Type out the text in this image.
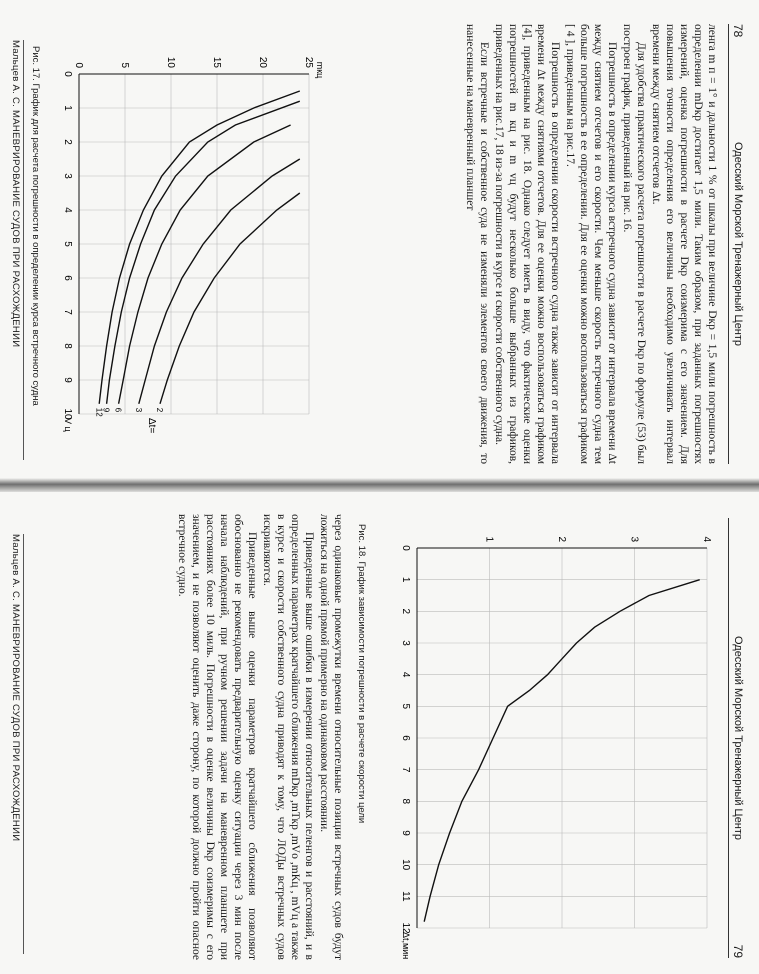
78
Одесский Морской Тренажерный Центр

ленга m п = 1° и дальности 1 % от шкалы при величине Dкр = 1,5 мили погрешность в определении mDкр достигает 1,5 мили. Таким образом, при заданных погрешностях измерений, оценка погрешности в расчете Dкр соизмерима с его значением. Для повышения точности определения его величины необходимо увеличивать интервал времени между снятием отсчетов Δt.

Для удобства практического расчета погрешности в расчете Dкр по формуле (53) был построен график, приведенный на рис. 16.

Погрешность в определении курса встречного судна зависит от интервала времени Δt между снятием отсчетов и его скорости. Чем меньше скорость встречного судна тем больше погрешность в ее определении. Для ее оценки можно воспользоваться графиком [ 4 ], приведенным на рис.17.

Погрешность в определении скорости встречного судна также зависит от интервала времени Δt между снятиями отсчетов. Для ее оценки можно воспользоваться графиком [4], приведенным на рис. 18. Однако следует иметь в виду, что фактические оценки погрешностей m кц и m vц будут несколько больше выбранных из графиков, приведенных на рис.17, 18 из-за погрешности в курсе и скорости собственного судна.

Если встречные и собственное суда не изменяли элементов своего движения, то нанесенные на маневренный планшет

0
1
2
3
4
5
6
7
8
9
10
0	5	10	15	20	25
12
9 6 3 2
mкц
V ц	Δt=
Рис. 17. График для расчета погрешности в определении курса встречного судна
Мальцев А. С. МАНЕВРИРОВАНИЕ СУДОВ ПРИ РАСХОЖДЕНИИ
79
Одесский Морской Тренажерный Центр
0
1
2
3
4
5
6
7
8
9
10
11
12
1	2	3	4
Δt,мин
Рис. 18. График зависимости погрешности в расчете скорости цели

через одинаковые промежутки времени относительные позиции встречных судов будут ложиться на одной прямой примерно на одинаковом расстоянии.

Приведенные выше ошибки в измерении относительных пеленгов и расстояний, и в определенных параметрах кратчайшего сближения mDкр ,mТкр ,mVо ,mКц , mVц а также в курсе и скорости собственного судна приводят к тому, что ЛОДы встречных судов искривляются.

Приведенные выше оценки параметров кратчайшего сближения позволяют обоснованно не рекомендовать предварительную оценку ситуации через 3 мин после начала наблюдений, при ручном решении задачи на маневренном планшете при расстояниях более 10 миль. Погрешности в оценке величины Dкр соизмеримы с его значением, и не позволяют оценить даже сторону, по которой должно пройти опасное встречное судно.

Мальцев А. С. МАНЕВРИРОВАНИЕ СУДОВ ПРИ РАСХОЖДЕНИИ
